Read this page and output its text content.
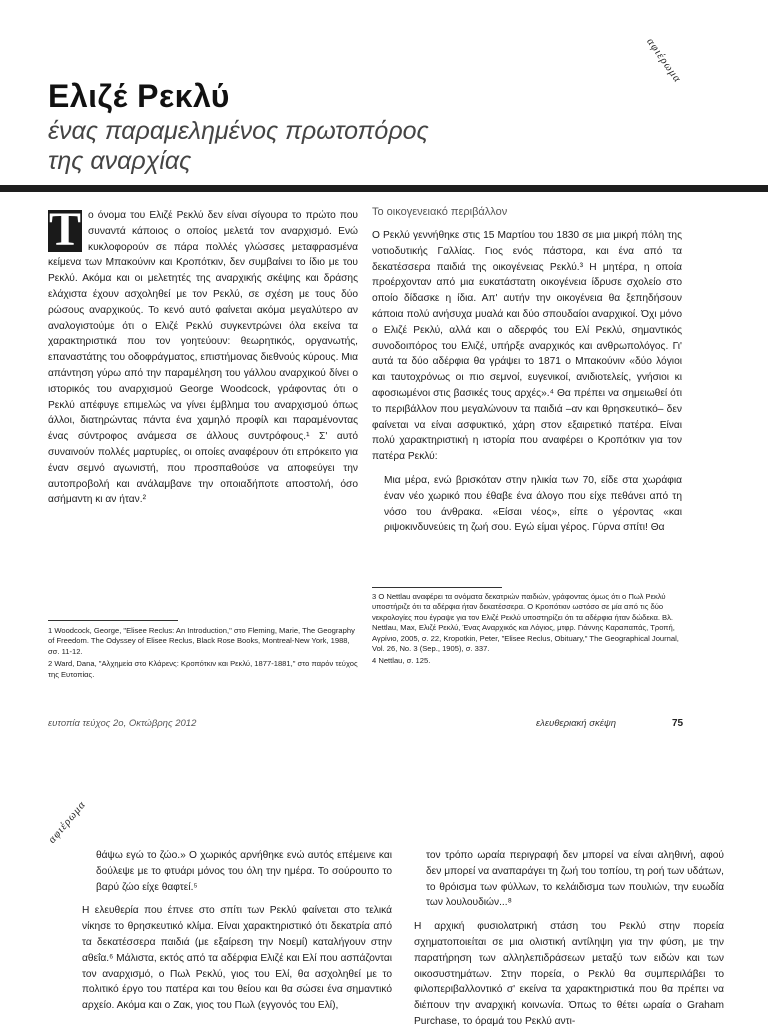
αφιέρωμα
Ελιζέ Ρεκλύ

ένας παραμελημένος πρωτοπόρος της αναρχίας

Τ ο όνομα του Ελιζέ Ρεκλύ δεν είναι σίγουρα το πρώτο που συναντά κάποιος ο οποίος μελετά τον αναρχισμό. Ενώ κυκλοφορούν σε πάρα πολλές γλώσσες μεταφρασμένα κείμενα των Μπακούνιν και Κροπότκιν, δεν συμβαίνει το ίδιο με του Ρεκλύ. Ακόμα και οι μελετητές της αναρχικής σκέψης και δράσης ελάχιστα έχουν ασχοληθεί με τον Ρεκλύ, σε σχέση με τους δύο ρώσους αναρχικούς. Το κενό αυτό φαίνεται ακόμα μεγαλύτερο αν αναλογιστούμε ότι ο Ελιζέ Ρεκλύ συγκεντρώνει όλα εκείνα τα χαρακτηριστικά που τον γοητεύουν: θεωρητικός, οργανωτής, επαναστάτης του οδοφράγματος, επιστήμονας διεθνούς κύρους. Μια απάντηση γύρω από την παραμέληση του γάλλου αναρχικού δίνει ο ιστορικός του αναρχισμού George Woodcock, γράφοντας ότι ο Ρεκλύ απέφυγε επιμελώς να γίνει έμβλημα του αναρχισμού όπως άλλοι, διατηρώντας πάντα ένα χαμηλό προφίλ και παραμένοντας ένας σύντροφος ανάμεσα σε άλλους συντρόφους.¹ Σ' αυτό συναινούν πολλές μαρτυρίες, οι οποίες αναφέρουν ότι επρόκειτο για έναν σεμνό αγωνιστή, που προσπαθούσε να αποφεύγει την αυτοπροβολή και ανάλαμβανε την οποιαδήποτε αποστολή, όσο ασήμαντη κι αν ήταν.²

Το οικογενειακό περιβάλλον

Ο Ρεκλύ γεννήθηκε στις 15 Μαρτίου του 1830 σε μια μικρή πόλη της νοτιοδυτικής Γαλλίας. Γιος ενός πάστορα, και ένα από τα δεκατέσσερα παιδιά της οικογένειας Ρεκλύ.³ Η μητέρα, η οποία προέρχονταν από μια ευκατάστατη οικογένεια ίδρυσε σχολείο στο οποίο δίδασκε η ίδια. Απ' αυτήν την οικογένεια θα ξεπηδήσουν κάποια πολύ ανήσυχα μυαλά και δύο σπουδαίοι αναρχικοί. Όχι μόνο ο Ελιζέ Ρεκλύ, αλλά και ο αδερφός του Ελί Ρεκλύ, σημαντικός συνοδοιπόρος του Ελιζέ, υπήρξε αναρχικός και ανθρωπολόγος. Γι' αυτά τα δύο αδέρφια θα γράψει το 1871 ο Μπακούνιν «δύο λόγιοι και ταυτοχρόνως οι πιο σεμνοί, ευγενικοί, ανιδιοτελείς, γνήσιοι κι αφοσιωμένοι στις βασικές τους αρχές».⁴ Θα πρέπει να σημειωθεί ότι το περιβάλλον που μεγαλώνουν τα παιδιά –αν και θρησκευτικό– δεν φαίνεται να είναι ασφυκτικό, χάρη στον εξαιρετικό πατέρα. Είναι πολύ χαρακτηριστική η ιστορία που αναφέρει ο Κροπότκιν για τον πατέρα Ρεκλύ:

Μια μέρα, ενώ βρισκόταν στην ηλικία των 70, είδε στα χωράφια έναν νέο χωρικό που έθαβε ένα άλογο που είχε πεθάνει από τη νόσο του άνθρακα. «Είσαι νέος», είπε ο γέροντας «και ριψοκινδυνεύεις τη ζωή σου. Εγώ είμαι γέρος. Γύρνα σπίτι! Θα

3 Ο Nettlau αναφέρει τα ονόματα δεκατριών παιδιών, γράφοντας όμως ότι ο Πωλ Ρεκλύ υποστήριζε ότι τα αδέρφια ήταν δεκατέσσερα. Ο Κροπότκιν ωστόσο σε μία από τις δύο νεκρολογίες που έγραψε για τον Ελιζέ Ρεκλύ υποστηρίζει ότι τα αδέρφια ήταν δώδεκα. Βλ. Nettlau, Max, Ελιζέ Ρεκλύ, Ένας Αναρχικός και Λόγιος, μτφρ. Γιάννης Καραπαπάς, Τροπή, Αγρίνιο, 2005, σ. 22, Kropotkin, Peter, "Elisee Reclus, Obituary," The Geographical Journal, Vol. 26, No. 3 (Sep., 1905), σ. 337.

4 Nettlau, σ. 125.

1 Woodcock, George, "Elisee Reclus: An Introduction," στο Fleming, Marie, The Geography of Freedom. The Odyssey of Elisee Reclus, Black Rose Books, Montreal-New York, 1988, σσ. 11-12.

2 Ward, Dana, "Αλχημεία στο Κλάρενς: Κροπότκιν και Ρεκλύ, 1877-1881," στο παρόν τεύχος της Ευτοπίας.

ευτοπία τεύχος 2ο, Οκτώβρης 2012	ελευθεριακή σκέψη	75
αφιέρωμα

θάψω εγώ το ζώο.» Ο χωρικός αρνήθηκε ενώ αυτός επέμεινε και δούλεψε με το φτυάρι μόνος του όλη την ημέρα. Το σούρουπο το βαρύ ζώο είχε θαφτεί.⁵

Η ελευθερία που έπνεε στο σπίτι των Ρεκλύ φαίνεται στο τελικά νίκησε το θρησκευτικό κλίμα. Είναι χαρακτηριστικό ότι δεκατρία από τα δεκατέσσερα παιδιά (με εξαίρεση την Νοεμί) καταλήγουν στην αθεΐα.⁶ Μάλιστα, εκτός από τα αδέρφια Ελιζέ και Ελί που ασπάζονται τον αναρχισμό, ο Πωλ Ρεκλύ, γιος του Ελί, θα ασχοληθεί με το πολιτικό έργο του πατέρα και του θείου και θα σώσει ένα σημαντικό αρχείο. Ακόμα και ο Ζακ, γιος του Πωλ (εγγονός του Ελί),

τον τρόπο ωραία περιγραφή δεν μπορεί να είναι αληθινή, αφού δεν μπορεί να αναπαράγει τη ζωή του τοπίου, τη ροή των υδάτων, το θρόισμα των φύλλων, το κελάιδισμα των πουλιών, την ευωδία των λουλουδιών...⁸

Η αρχική φυσιολατρική στάση του Ρεκλύ στην πορεία σχηματοποιείται σε μια ολιστική αντίληψη για την φύση, με την παρατήρηση των αλληλεπιδράσεων μεταξύ των ειδών και των οικοσυστημάτων. Στην πορεία, ο Ρεκλύ θα συμπεριλάβει το φιλοπεριβαλλοντικό σ' εκείνα τα χαρακτηριστικά που θα πρέπει να διέπουν την αναρχική κοινωνία. Όπως το θέτει ωραία ο Graham Purchase, το όραμά του Ρεκλύ αντι-
